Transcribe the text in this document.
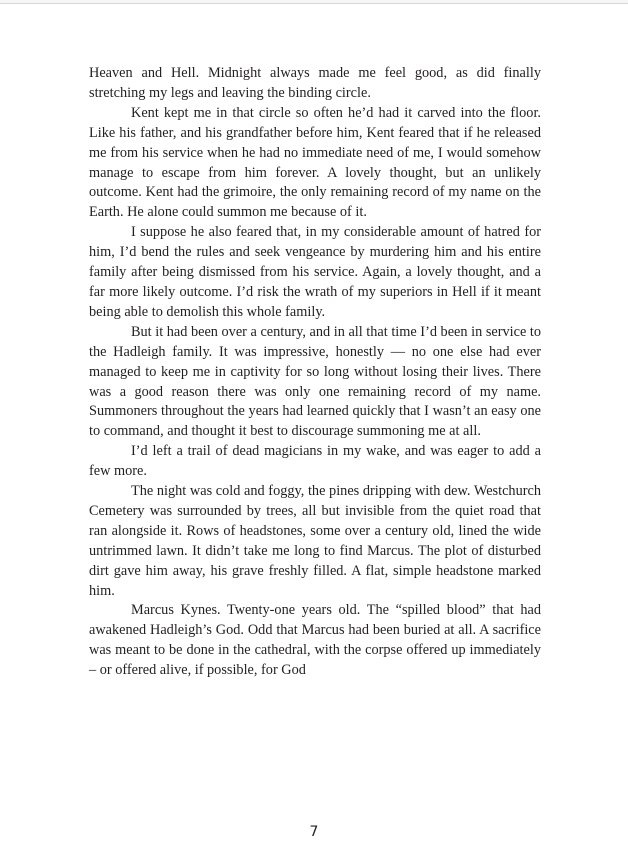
Heaven and Hell. Midnight always made me feel good, as did finally stretching my legs and leaving the binding circle.

Kent kept me in that circle so often he’d had it carved into the floor. Like his father, and his grandfather before him, Kent feared that if he released me from his service when he had no immediate need of me, I would somehow manage to escape from him forever. A lovely thought, but an unlikely outcome. Kent had the grimoire, the only remaining record of my name on the Earth. He alone could summon me because of it.

I suppose he also feared that, in my considerable amount of hatred for him, I’d bend the rules and seek vengeance by murdering him and his entire family after being dismissed from his service. Again, a lovely thought, and a far more likely outcome. I’d risk the wrath of my superiors in Hell if it meant being able to demolish this whole family.

But it had been over a century, and in all that time I’d been in service to the Hadleigh family. It was impressive, honestly — no one else had ever managed to keep me in captivity for so long without losing their lives. There was a good reason there was only one remaining record of my name. Summoners throughout the years had learned quickly that I wasn’t an easy one to command, and thought it best to discourage summoning me at all.

I’d left a trail of dead magicians in my wake, and was eager to add a few more.

The night was cold and foggy, the pines dripping with dew. Westchurch Cemetery was surrounded by trees, all but invisible from the quiet road that ran alongside it. Rows of headstones, some over a century old, lined the wide untrimmed lawn. It didn’t take me long to find Marcus. The plot of disturbed dirt gave him away, his grave freshly filled. A flat, simple headstone marked him.

Marcus Kynes. Twenty-one years old. The “spilled blood” that had awakened Hadleigh’s God. Odd that Marcus had been buried at all. A sacrifice was meant to be done in the cathedral, with the corpse offered up immediately – or offered alive, if possible, for God

7
